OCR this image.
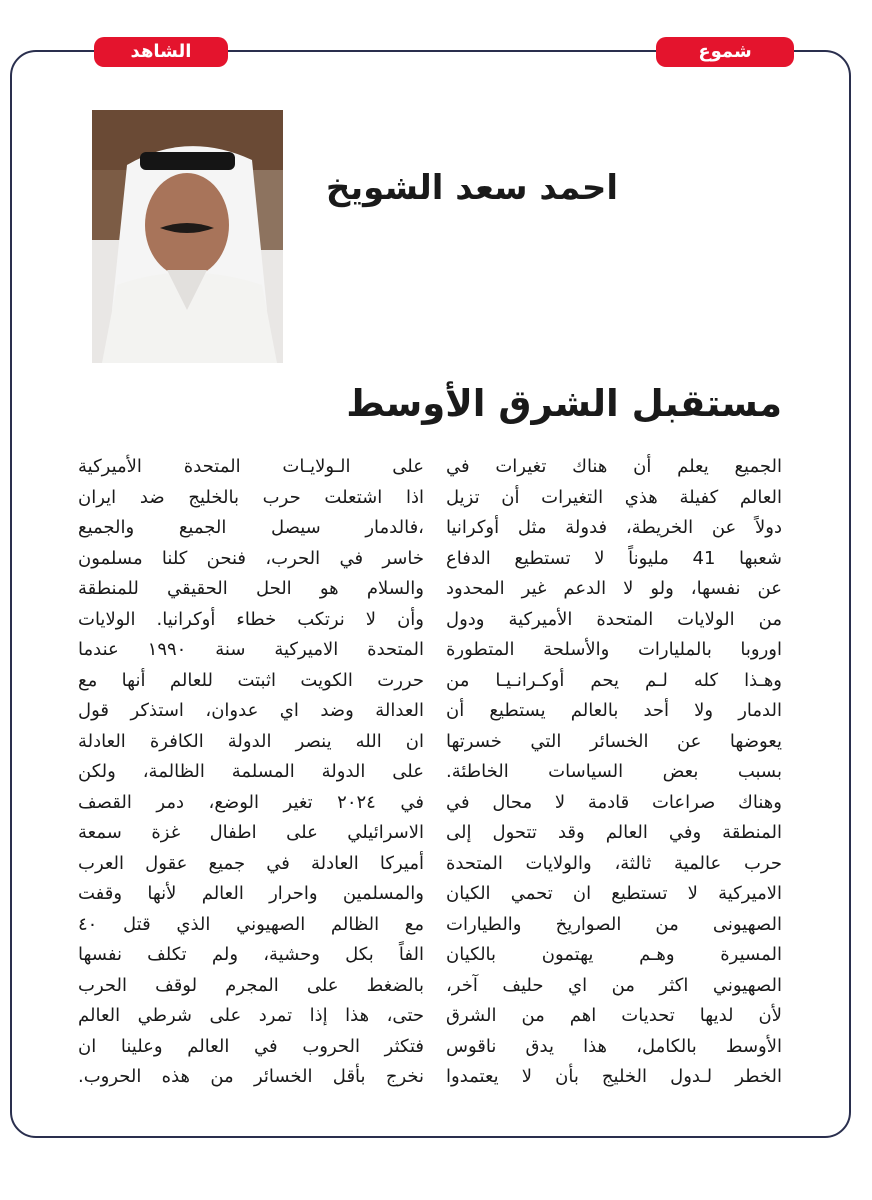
الشاهد	شموع
احمد سعد الشويخ
مستقبل الشرق الأوسط
الجميع يعلم أن هناك تغيرات في
العالم كفيلة هذي التغيرات أن تزيل
دولاً عن الخريطة، فدولة مثل أوكرانيا
شعبها 41 مليوناً لا تستطيع الدفاع
عن نفسها، ولو لا الدعم غير المحدود
من الولايات المتحدة الأميركية ودول
اوروبا بالمليارات والأسلحة المتطورة
وهـذا كله لـم يحم أوكـرانـيـا من
الدمار ولا أحد بالعالم يستطيع أن
يعوضها عن الخسائر التي خسرتها
بسبب بعض السياسات الخاطئة.
وهناك صراعات قادمة لا محال في
المنطقة وفي العالم وقد تتحول إلى
حرب عالمية ثالثة، والولايات المتحدة
الاميركية لا تستطيع ان تحمي الكيان
الصهيونى من الصواريخ والطيارات
المسيرة وهـم يهتمون بالكيان
الصهيوني اكثر من اي حليف آخر،
لأن لديها تحديات اهم من الشرق
الأوسط بالكامل، هذا يدق ناقوس
الخطر لـدول الخليج بأن لا يعتمدوا
على الـولايـات المتحدة الأميركية
اذا اشتعلت حرب بالخليج ضد ايران
،فالدمار سيصل الجميع والجميع
خاسر في الحرب، فنحن كلنا مسلمون
والسلام هو الحل الحقيقي للمنطقة
وأن لا نرتكب خطاء أوكرانيا. الولايات
المتحدة الاميركية سنة ١٩٩٠ عندما
حررت الكويت اثبتت للعالم أنها مع
العدالة وضد اي عدوان، استذكر قول
ان الله ينصر الدولة الكافرة العادلة
على الدولة المسلمة الظالمة، ولكن
في ٢٠٢٤ تغير الوضع، دمر القصف
الاسرائيلي على اطفال غزة سمعة
أميركا العادلة في جميع عقول العرب
والمسلمين واحرار العالم لأنها وقفت
مع الظالم الصهيوني الذي قتل ٤٠
الفاً بكل وحشية، ولم تكلف نفسها
بالضغط على المجرم لوقف الحرب
حتى، هذا إذا تمرد على شرطي العالم
فتكثر الحروب في العالم وعلينا ان
نخرج بأقل الخسائر من هذه الحروب.
